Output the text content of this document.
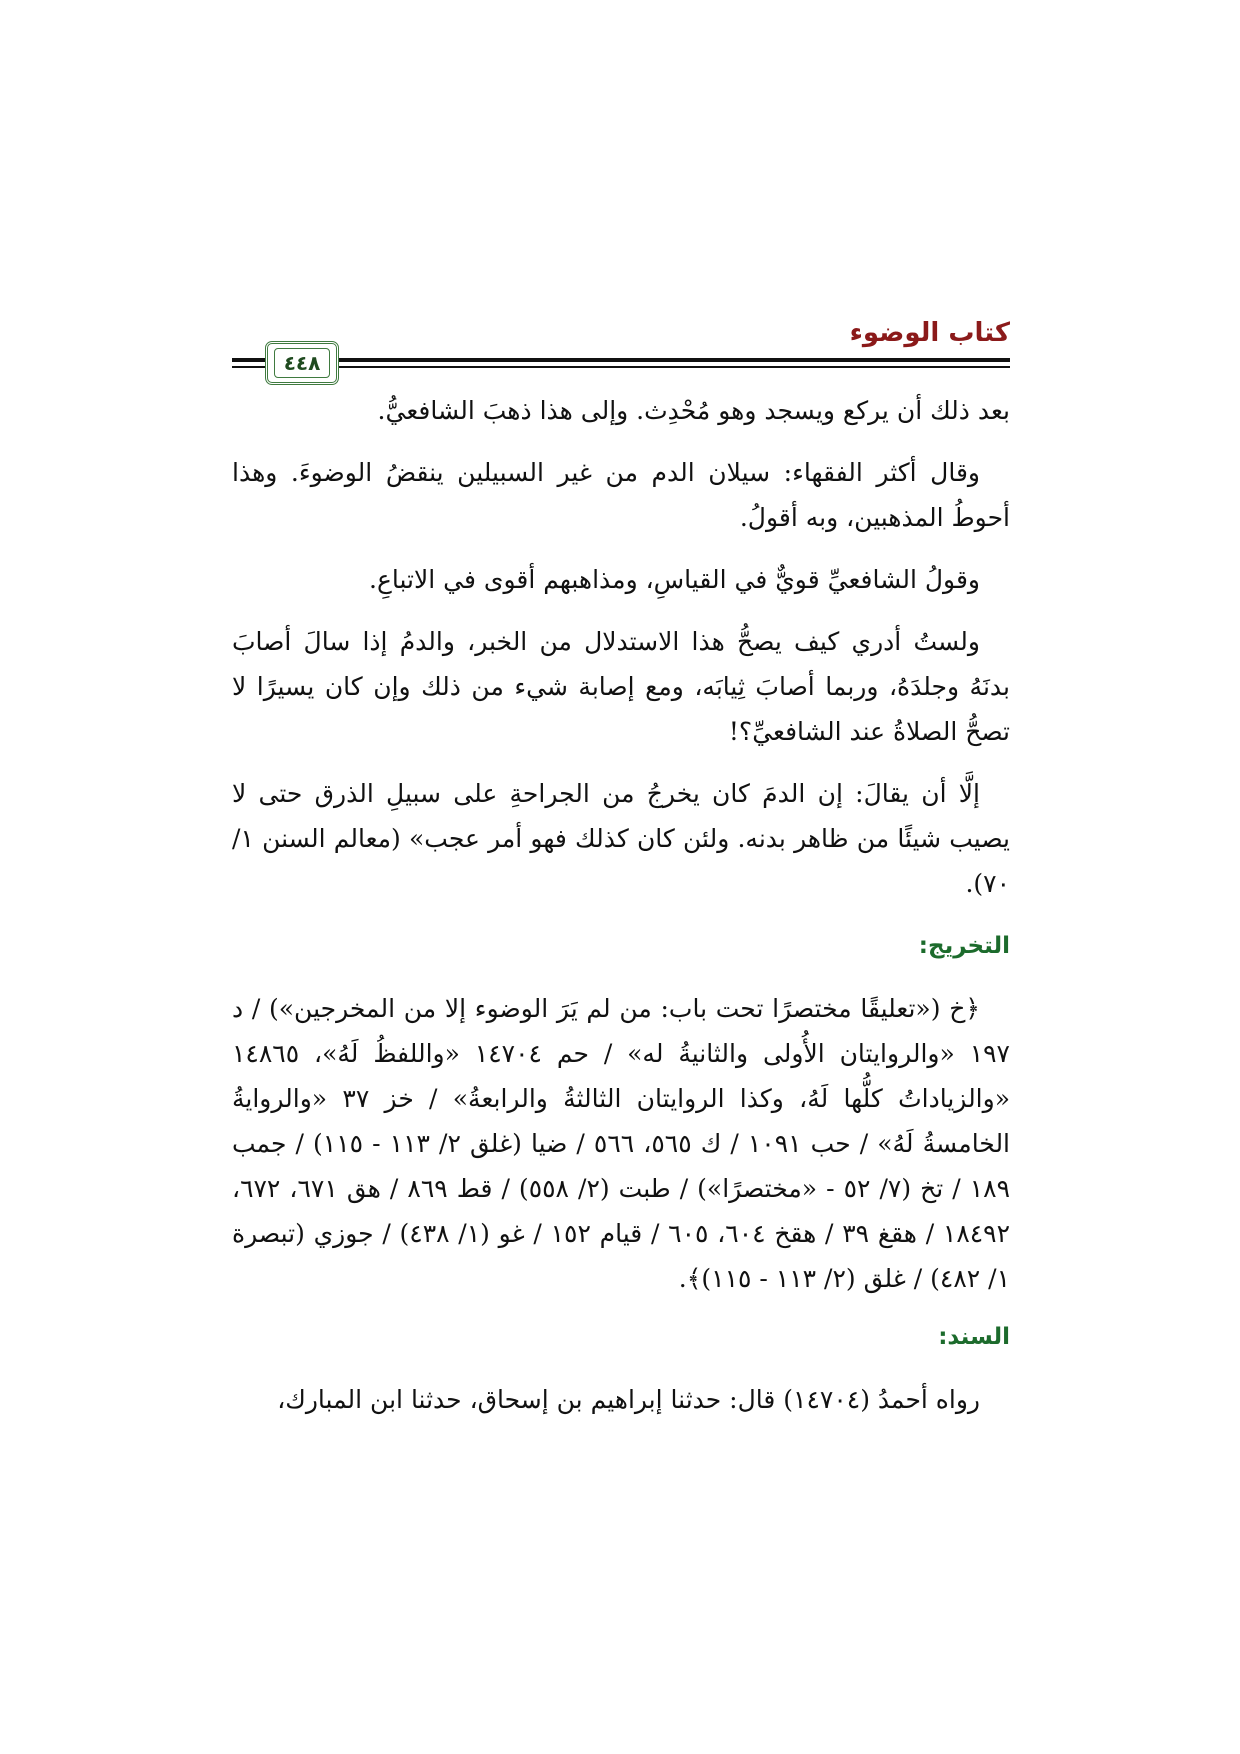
كتاب الوضوء
٤٤٨

بعد ذلك أن يركع ويسجد وهو مُحْدِث. وإلى هذا ذهبَ الشافعيُّ.

وقال أكثر الفقهاء: سيلان الدم من غير السبيلين ينقضُ الوضوءَ. وهذا أحوطُ المذهبين، وبه أقولُ.

وقولُ الشافعيِّ قويٌّ في القياسِ، ومذاهبهم أقوى في الاتباعِ.

ولستُ أدري كيف يصحُّ هذا الاستدلال من الخبر، والدمُ إذا سالَ أصابَ بدنَهُ وجلدَهُ، وربما أصابَ ثِيابَه، ومع إصابة شيء من ذلك وإن كان يسيرًا لا تصحُّ الصلاةُ عند الشافعيِّ؟!

إلَّا أن يقالَ: إن الدمَ كان يخرجُ من الجراحةِ على سبيلِ الذرق حتى لا يصيب شيئًا من ظاهر بدنه. ولئن كان كذلك فهو أمر عجب» (معالم السنن ١/ ٧٠).

التخريج:

﴿خ («تعليقًا مختصرًا تحت باب: من لم يَرَ الوضوء إلا من المخرجين») / د ١٩٧ «والروايتان الأُولى والثانيةُ له» / حم ١٤٧٠٤ «واللفظُ لَهُ»، ١٤٨٦٥ «والزياداتُ كلُّها لَهُ، وكذا الروايتان الثالثةُ والرابعةُ» / خز ٣٧ «والروايةُ الخامسةُ لَهُ» / حب ١٠٩١ / ك ٥٦٥، ٥٦٦ / ضيا (غلق ٢/ ١١٣ - ١١٥) / جمب ١٨٩ / تخ (٧/ ٥٢ - «مختصرًا») / طبت (٢/ ٥٥٨) / قط ٨٦٩ / هق ٦٧١، ٦٧٢، ١٨٤٩٢ / هقغ ٣٩ / هقخ ٦٠٤، ٦٠٥ / قيام ١٥٢ / غو (١/ ٤٣٨) / جوزي (تبصرة ١/ ٤٨٢) / غلق (٢/ ١١٣ - ١١٥)﴾.

السند:

رواه أحمدُ (١٤٧٠٤) قال: حدثنا إبراهيم بن إسحاق، حدثنا ابن المبارك،
